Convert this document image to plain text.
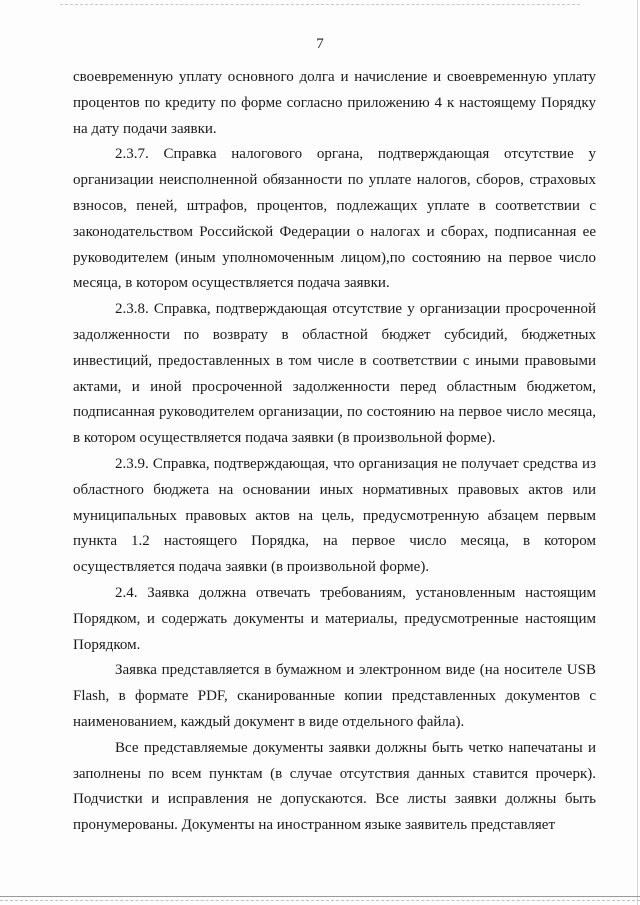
7

своевременную уплату основного долга и начисление и своевременную уплату процентов по кредиту по форме согласно приложению 4 к настоящему Порядку на дату подачи заявки.

2.3.7. Справка налогового органа, подтверждающая отсутствие у организации неисполненной обязанности по уплате налогов, сборов, страховых взносов, пеней, штрафов, процентов, подлежащих уплате в соответствии с законодательством Российской Федерации о налогах и сборах, подписанная ее руководителем (иным уполномоченным лицом),по состоянию на первое число месяца, в котором осуществляется подача заявки.

2.3.8. Справка, подтверждающая отсутствие у организации просроченной задолженности по возврату в областной бюджет субсидий, бюджетных инвестиций, предоставленных в том числе в соответствии с иными правовыми актами, и иной просроченной задолженности перед областным бюджетом, подписанная руководителем организации, по состоянию на первое число месяца, в котором осуществляется подача заявки (в произвольной форме).

2.3.9. Справка, подтверждающая, что организация не получает средства из областного бюджета на основании иных нормативных правовых актов или муниципальных правовых актов на цель, предусмотренную абзацем первым пункта 1.2 настоящего Порядка, на первое число месяца, в котором осуществляется подача заявки (в произвольной форме).

2.4. Заявка должна отвечать требованиям, установленным настоящим Порядком, и содержать документы и материалы, предусмотренные настоящим Порядком.

Заявка представляется в бумажном и электронном виде (на носителе USB Flash, в формате PDF, сканированные копии представленных документов с наименованием, каждый документ в виде отдельного файла).

Все представляемые документы заявки должны быть четко напечатаны и заполнены по всем пунктам (в случае отсутствия данных ставится прочерк). Подчистки и исправления не допускаются. Все листы заявки должны быть пронумерованы. Документы на иностранном языке заявитель представляет
